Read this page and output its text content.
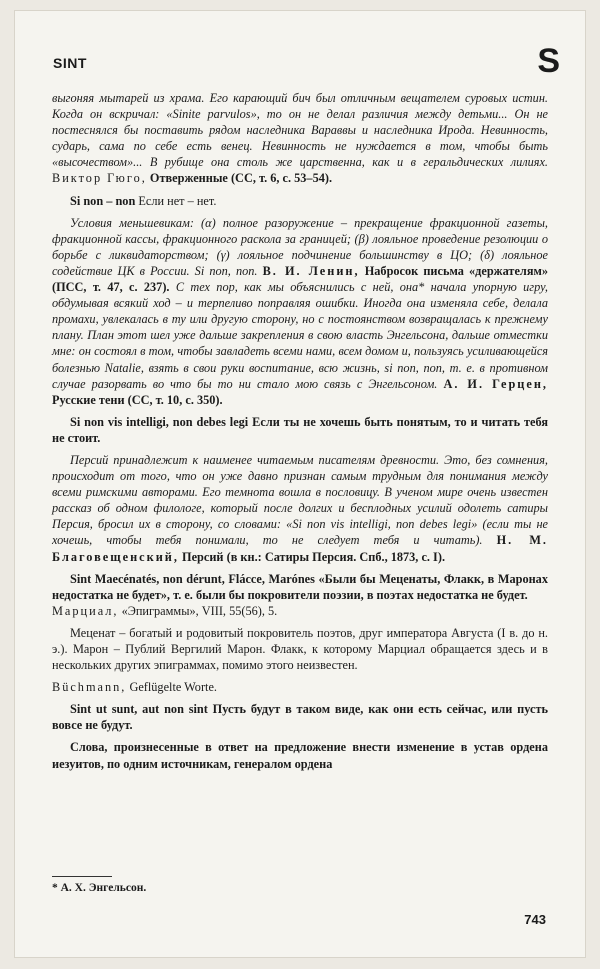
SINT	S

выгоняя мытарей из храма. Его карающий бич был отличным вещателем суровых истин. Когда он вскричал: «Sinite parvulos», то он не делал различия между детьми... Он не постеснялся бы поставить рядом наследника Вараввы и наследника Ирода. Невинность, сударь, сама по себе есть венец. Невинность не нуждается в том, чтобы быть «высочеством»... В рубище она столь же царственна, как и в геральдических лилиях. Виктор Гюго, Отверженные (СС, т. 6, с. 53–54).

Si non – non Если нет – нет.

Условия меньшевикам: (α) полное разоружение – прекращение фракционной газеты, фракционной кассы, фракционного раскола за границей; (β) лояльное проведение резолюции о борьбе с ликвидаторством; (γ) лояльное подчинение большинству в ЦО; (δ) лояльное содействие ЦК в России. Si non, non. В. И. Ленин, Набросок письма «держателям» (ПСС, т. 47, с. 237). С тех пор, как мы объяснились с ней, она* начала упорную игру, обдумывая всякий ход – и терпеливо поправляя ошибки. Иногда она изменяла себе, делала промахи, увлекалась в ту или другую сторону, но с постоянством возвращалась к прежнему плану. План этот шел уже дальше закрепления в свою власть Энгельсона, дальше отместки мне: он состоял в том, чтобы завладеть всеми нами, всем домом и, пользуясь усиливающейся болезнью Natalie, взять в свои руки воспитание, всю жизнь, si non, non, т. е. в противном случае разорвать во что бы то ни стало мою связь с Энгельсоном. А. И. Герцен, Русские тени (СС, т. 10, с. 350).

Si non vis intelligi, non debes legi Если ты не хочешь быть понятым, то и читать тебя не стоит.

Персий принадлежит к наименее читаемым писателям древности. Это, без сомнения, происходит от того, что он уже давно признан самым трудным для понимания между всеми римскими авторами. Его темнота вошла в пословицу. В ученом мире очень известен рассказ об одном филологе, который после долгих и бесплодных усилий одолеть сатиры Персия, бросил их в сторону, со словами: «Si non vis intelligi, non debes legi» (если ты не хочешь, чтобы тебя понимали, то не следует тебя и читать). Н. М. Благовещенский, Персий (в кн.: Сатиры Персия. Спб., 1873, с. I).

Sint Maecénatés, non dérunt, Flácce, Marónes «Были бы Меценаты, Флакк, в Маронах недостатка не будет», т. е. были бы покровители поэзии, в поэтах недостатка не будет.
Марциал, «Эпиграммы», VIII, 55(56), 5.

Меценат – богатый и родовитый покровитель поэтов, друг императора Августа (I в. до н. э.). Марон – Публий Вергилий Марон. Флакк, к которому Марциал обращается здесь и в нескольких других эпиграммах, помимо этого неизвестен.

Büchmann, Geflügelte Worte.

Sint ut sunt, aut non sint Пусть будут в таком виде, как они есть сейчас, или пусть вовсе не будут.

Слова, произнесенные в ответ на предложение внести изменение в устав ордена иезуитов, по одним источникам, генералом ордена

* А. Х. Энгельсон.
743
